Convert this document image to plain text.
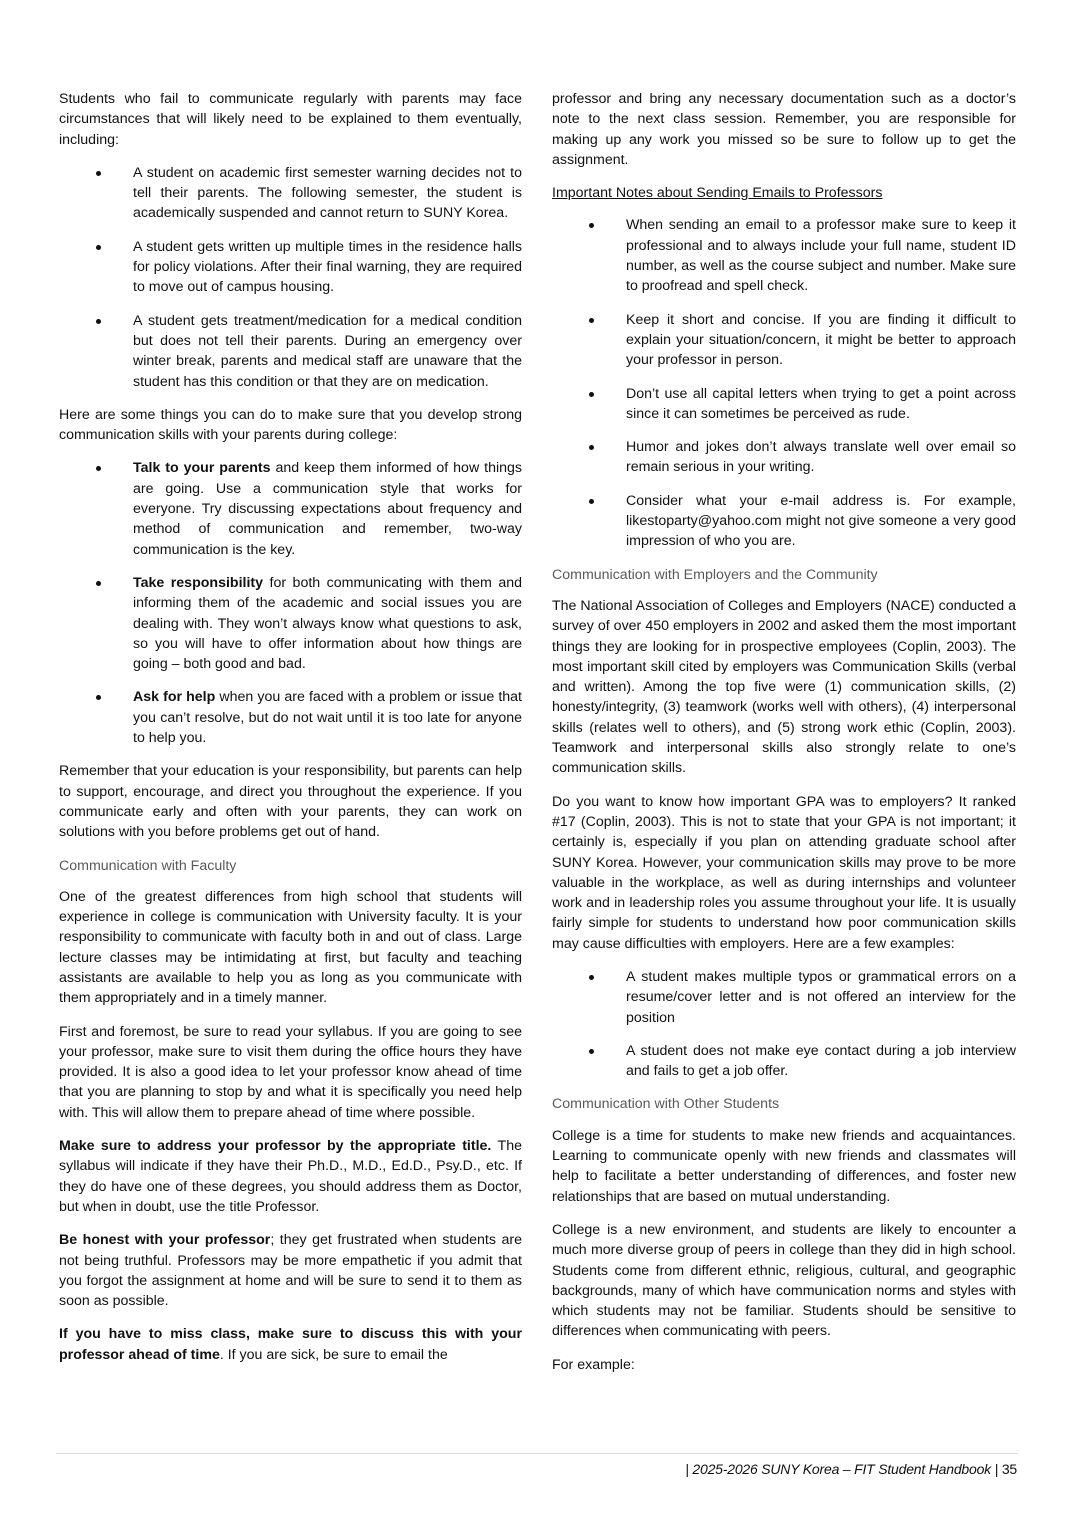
Students who fail to communicate regularly with parents may face circumstances that will likely need to be explained to them eventually, including:

A student on academic first semester warning decides not to tell their parents. The following semester, the student is academically suspended and cannot return to SUNY Korea.
A student gets written up multiple times in the residence halls for policy violations. After their final warning, they are required to move out of campus housing.
A student gets treatment/medication for a medical condition but does not tell their parents. During an emergency over winter break, parents and medical staff are unaware that the student has this condition or that they are on medication.

Here are some things you can do to make sure that you develop strong communication skills with your parents during college:

Talk to your parents and keep them informed of how things are going. Use a communication style that works for everyone. Try discussing expectations about frequency and method of communication and remember, two-way communication is the key.
Take responsibility for both communicating with them and informing them of the academic and social issues you are dealing with. They won’t always know what questions to ask, so you will have to offer information about how things are going – both good and bad.
Ask for help when you are faced with a problem or issue that you can’t resolve, but do not wait until it is too late for anyone to help you.

Remember that your education is your responsibility, but parents can help to support, encourage, and direct you throughout the experience. If you communicate early and often with your parents, they can work on solutions with you before problems get out of hand.

Communication with Faculty

One of the greatest differences from high school that students will experience in college is communication with University faculty. It is your responsibility to communicate with faculty both in and out of class. Large lecture classes may be intimidating at first, but faculty and teaching assistants are available to help you as long as you communicate with them appropriately and in a timely manner.

First and foremost, be sure to read your syllabus. If you are going to see your professor, make sure to visit them during the office hours they have provided. It is also a good idea to let your professor know ahead of time that you are planning to stop by and what it is specifically you need help with. This will allow them to prepare ahead of time where possible.

Make sure to address your professor by the appropriate title. The syllabus will indicate if they have their Ph.D., M.D., Ed.D., Psy.D., etc. If they do have one of these degrees, you should address them as Doctor, but when in doubt, use the title Professor.

Be honest with your professor; they get frustrated when students are not being truthful. Professors may be more empathetic if you admit that you forgot the assignment at home and will be sure to send it to them as soon as possible.

If you have to miss class, make sure to discuss this with your professor ahead of time. If you are sick, be sure to email the

professor and bring any necessary documentation such as a doctor’s note to the next class session. Remember, you are responsible for making up any work you missed so be sure to follow up to get the assignment.

Important Notes about Sending Emails to Professors

When sending an email to a professor make sure to keep it professional and to always include your full name, student ID number, as well as the course subject and number. Make sure to proofread and spell check.
Keep it short and concise. If you are finding it difficult to explain your situation/concern, it might be better to approach your professor in person.
Don’t use all capital letters when trying to get a point across since it can sometimes be perceived as rude.
Humor and jokes don’t always translate well over email so remain serious in your writing.
Consider what your e-mail address is. For example, likestoparty@yahoo.com might not give someone a very good impression of who you are.

Communication with Employers and the Community

The National Association of Colleges and Employers (NACE) conducted a survey of over 450 employers in 2002 and asked them the most important things they are looking for in prospective employees (Coplin, 2003). The most important skill cited by employers was Communication Skills (verbal and written). Among the top five were (1) communication skills, (2) honesty/integrity, (3) teamwork (works well with others), (4) interpersonal skills (relates well to others), and (5) strong work ethic (Coplin, 2003). Teamwork and interpersonal skills also strongly relate to one’s communication skills.

Do you want to know how important GPA was to employers? It ranked #17 (Coplin, 2003). This is not to state that your GPA is not important; it certainly is, especially if you plan on attending graduate school after SUNY Korea. However, your communication skills may prove to be more valuable in the workplace, as well as during internships and volunteer work and in leadership roles you assume throughout your life. It is usually fairly simple for students to understand how poor communication skills may cause difficulties with employers. Here are a few examples:

A student makes multiple typos or grammatical errors on a resume/cover letter and is not offered an interview for the position
A student does not make eye contact during a job interview and fails to get a job offer.

Communication with Other Students

College is a time for students to make new friends and acquaintances. Learning to communicate openly with new friends and classmates will help to facilitate a better understanding of differences, and foster new relationships that are based on mutual understanding.

College is a new environment, and students are likely to encounter a much more diverse group of peers in college than they did in high school. Students come from different ethnic, religious, cultural, and geographic backgrounds, many of which have communication norms and styles with which students may not be familiar. Students should be sensitive to differences when communicating with peers.

For example:

| 2025-2026 SUNY Korea – FIT Student Handbook | 35
